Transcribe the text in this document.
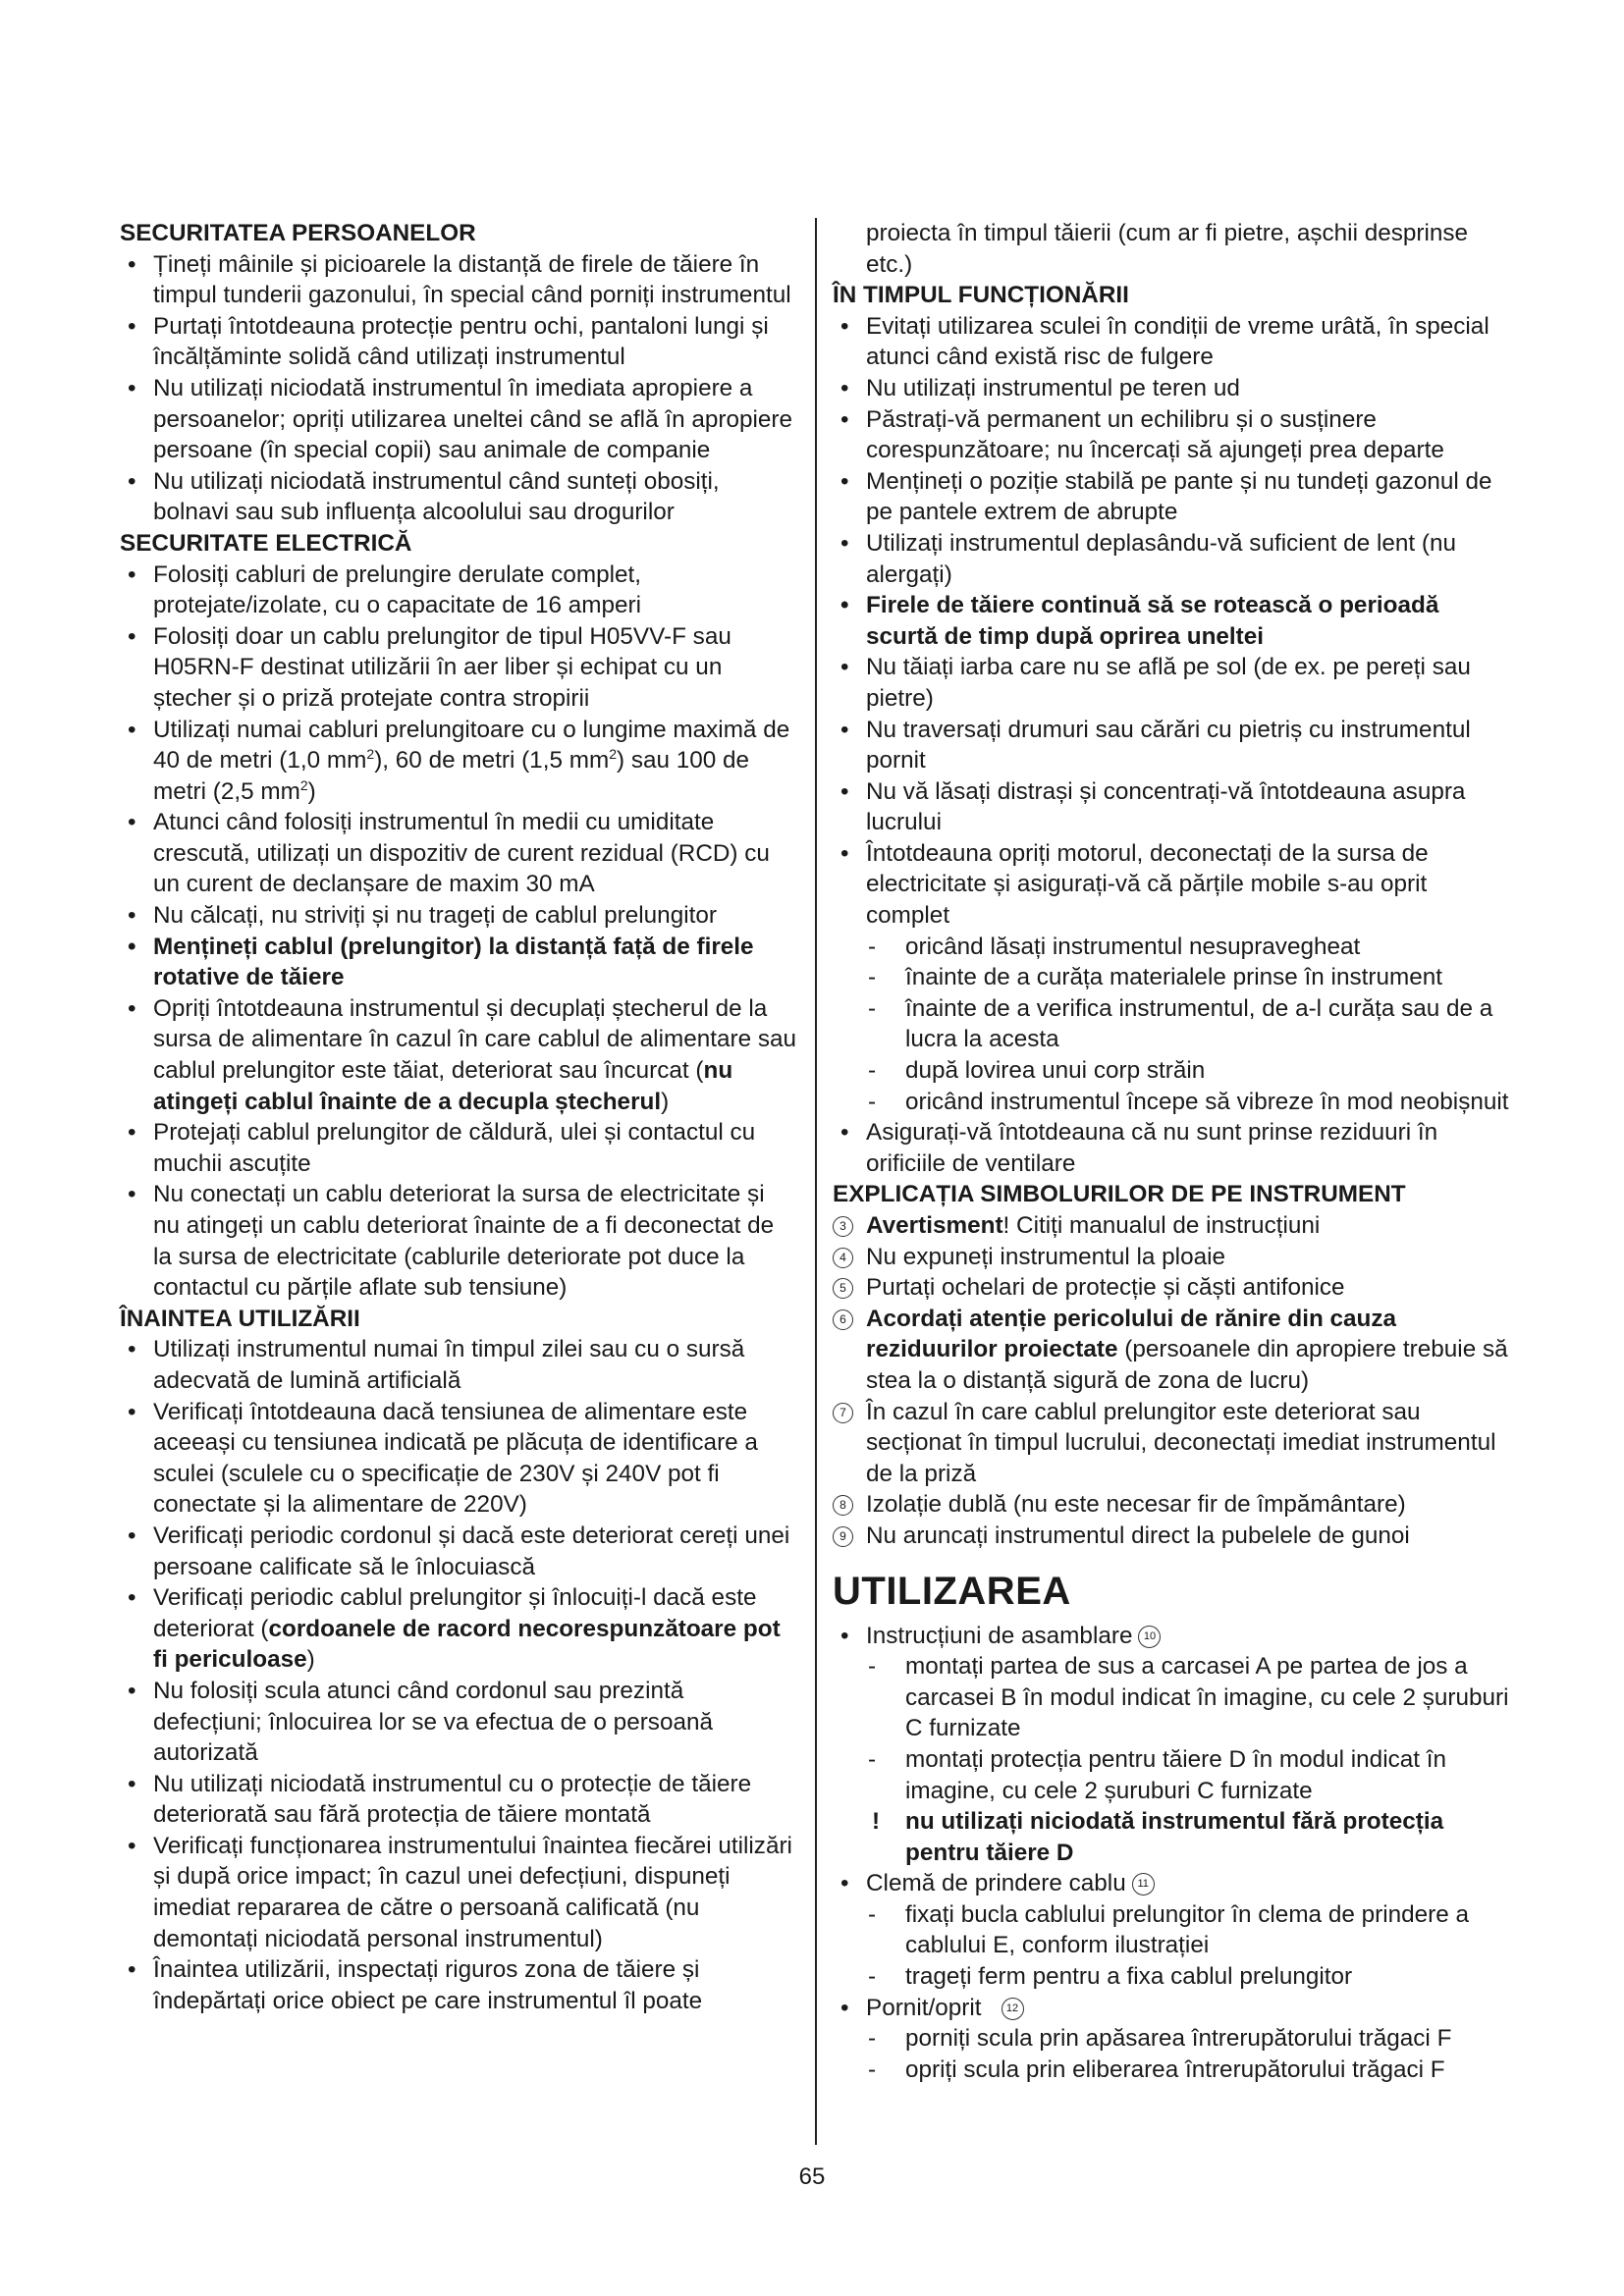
SECURITATEA PERSOANELOR
• Țineți mâinile și picioarele la distanță de firele de tăiere în timpul tunderii gazonului, în special când porniți instrumentul
• Purtați întotdeauna protecție pentru ochi, pantaloni lungi și încălțăminte solidă când utilizați instrumentul
• Nu utilizați niciodată instrumentul în imediata apropiere a persoanelor; opriți utilizarea uneltei când se află în apropiere persoane (în special copii) sau animale de companie
• Nu utilizați niciodată instrumentul când sunteți obosiți, bolnavi sau sub influența alcoolului sau drogurilor
SECURITATE ELECTRICĂ
• Folosiți cabluri de prelungire derulate complet, protejate/izolate, cu o capacitate de 16 amperi
• Folosiți doar un cablu prelungitor de tipul H05VV-F sau H05RN-F destinat utilizării în aer liber și echipat cu un ștecher și o priză protejate contra stropirii
• Utilizați numai cabluri prelungitoare cu o lungime maximă de 40 de metri (1,0 $mm^2$), 60 de metri (1,5 $mm^2$) sau 100 de metri (2,5 $mm^2$)
• Atunci când folosiți instrumentul în medii cu umiditate crescută, utilizați un dispozitiv de curent rezidual (RCD) cu un curent de declanșare de maxim 30 mA
• Nu călcați, nu striviți și nu trageți de cablul prelungitor
• Mențineți cablul (prelungitor) la distanță față de firele rotative de tăiere
• Opriți întotdeauna instrumentul și decuplați ștecherul de la sursa de alimentare în cazul în care cablul de alimentare sau cablul prelungitor este tăiat, deteriorat sau încurcat (nu atingeți cablul înainte de a decupla ștecherul)
• Protejați cablul prelungitor de căldură, ulei și contactul cu muchii ascuțite
• Nu conectați un cablu deteriorat la sursa de electricitate și nu atingeți un cablu deteriorat înainte de a fi deconectat de la sursa de electricitate (cablurile deteriorate pot duce la contactul cu părțile aflate sub tensiune)
ÎNAINTEA UTILIZĂRII
• Utilizați instrumentul numai în timpul zilei sau cu o sursă adecvată de lumină artificială
• Verificați întotdeauna dacă tensiunea de alimentare este aceeași cu tensiunea indicată pe plăcuța de identificare a sculei (sculele cu o specificație de 230V și 240V pot fi conectate și la alimentare de 220V)
• Verificați periodic cordonul și dacă este deteriorat cereți unei persoane calificate să le înlocuiască
• Verificați periodic cablul prelungitor și înlocuiți-l dacă este deteriorat (cordoanele de racord necorespunzătoare pot fi periculoase)
• Nu folosiți scula atunci când cordonul sau prezintă defecțiuni; înlocuirea lor se va efectua de o persoană autorizată
• Nu utilizați niciodată instrumentul cu o protecție de tăiere deteriorată sau fără protecția de tăiere montată
• Verificați funcționarea instrumentului înaintea fiecărei utilizări și după orice impact; în cazul unei defecțiuni, dispuneți imediat repararea de către o persoană calificată (nu demontați niciodată personal instrumentul)
• Înaintea utilizării, inspectați riguros zona de tăiere și îndepărtați orice obiect pe care instrumentul îl poate
proiecta în timpul tăierii (cum ar fi pietre, așchii desprinse etc.)
ÎN TIMPUL FUNCȚIONĂRII
• Evitați utilizarea sculei în condiții de vreme urâtă, în special atunci când există risc de fulgere
• Nu utilizați instrumentul pe teren ud
• Păstrați-vă permanent un echilibru și o susținere corespunzătoare; nu încercați să ajungeți prea departe
• Mențineți o poziție stabilă pe pante și nu tundeți gazonul de pe pantele extrem de abrupte
• Utilizați instrumentul deplasându-vă suficient de lent (nu alergați)
• Firele de tăiere continuă să se rotească o perioadă scurtă de timp după oprirea uneltei
• Nu tăiați iarba care nu se află pe sol (de ex. pe pereți sau pietre)
• Nu traversați drumuri sau cărări cu pietriș cu instrumentul pornit
• Nu vă lăsați distrași și concentrați-vă întotdeauna asupra lucrului
• Întotdeauna opriți motorul, deconectați de la sursa de electricitate și asigurați-vă că părțile mobile s-au oprit complet
- oricând lăsați instrumentul nesupravegheat
- înainte de a curăța materialele prinse în instrument
- înainte de a verifica instrumentul, de a-l curăța sau de a lucra la acesta
- după lovirea unui corp străin
- oricând instrumentul începe să vibreze în mod neobișnuit
• Asigurați-vă întotdeauna că nu sunt prinse reziduuri în orificiile de ventilare
EXPLICAȚIA SIMBOLURILOR DE PE INSTRUMENT
3 Avertisment! Citiți manualul de instrucțiuni
4 Nu expuneți instrumentul la ploaie
5 Purtați ochelari de protecție și căști antifonice
6 Acordați atenție pericolului de rănire din cauza reziduurilor proiectate (persoanele din apropiere trebuie să stea la o distanță sigură de zona de lucru)
7 În cazul în care cablul prelungitor este deteriorat sau secționat în timpul lucrului, deconectați imediat instrumentul de la priză
8 Izolație dublă (nu este necesar fir de împământare)
9 Nu aruncați instrumentul direct la pubelele de gunoi
UTILIZAREA
• Instrucțiuni de asamblare 10
- montați partea de sus a carcasei A pe partea de jos a carcasei B în modul indicat în imagine, cu cele 2 șuruburi C furnizate
- montați protecția pentru tăiere D în modul indicat în imagine, cu cele 2 șuruburi C furnizate
! nu utilizați niciodată instrumentul fără protecția pentru tăiere D
• Clemă de prindere cablu 11
- fixați bucla cablului prelungitor în clema de prindere a cablului E, conform ilustrației
- trageți ferm pentru a fixa cablul prelungitor
• Pornit/oprit 12
- porniți scula prin apăsarea întrerupătorului trăgaci F
- opriți scula prin eliberarea întrerupătorului trăgaci F
65
